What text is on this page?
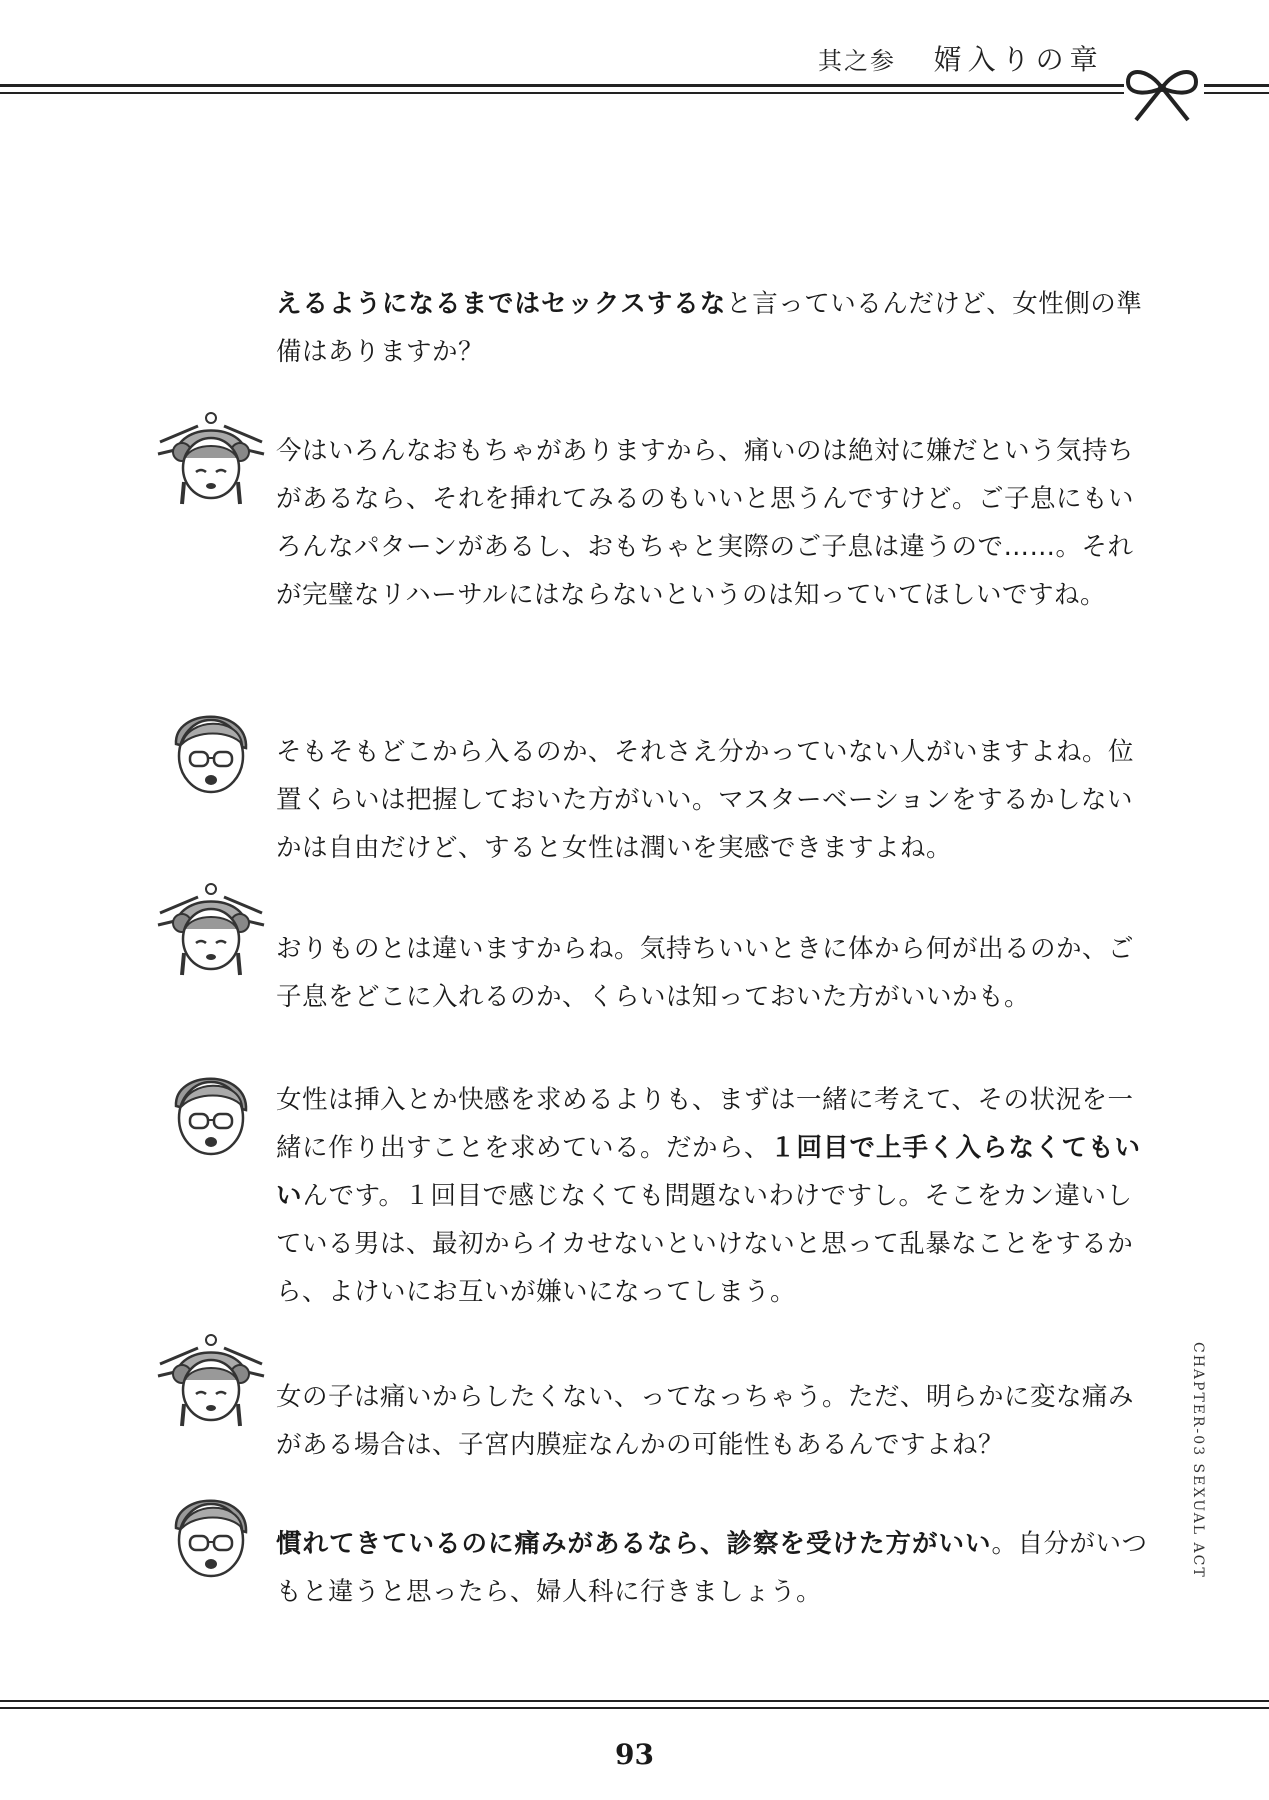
其之参 婿入りの章

えるようになるまではセックスするなと言っているんだけど、女性側の準備はありますか？

今はいろんなおもちゃがありますから、痛いのは絶対に嫌だという気持ちがあるなら、それを挿れてみるのもいいと思うんですけど。ご子息にもいろんなパターンがあるし、おもちゃと実際のご子息は違うので……。それが完璧なリハーサルにはならないというのは知っていてほしいですね。

そもそもどこから入るのか、それさえ分かっていない人がいますよね。位置くらいは把握しておいた方がいい。マスターベーションをするかしないかは自由だけど、すると女性は潤いを実感できますよね。

おりものとは違いますからね。気持ちいいときに体から何が出るのか、ご子息をどこに入れるのか、くらいは知っておいた方がいいかも。

女性は挿入とか快感を求めるよりも、まずは一緒に考えて、その状況を一緒に作り出すことを求めている。だから、１回目で上手く入らなくてもいいんです。１回目で感じなくても問題ないわけですし。そこをカン違いしている男は、最初からイカせないといけないと思って乱暴なことをするから、よけいにお互いが嫌いになってしまう。

女の子は痛いからしたくない、ってなっちゃう。ただ、明らかに変な痛みがある場合は、子宮内膜症なんかの可能性もあるんですよね？

慣れてきているのに痛みがあるなら、診察を受けた方がいい。自分がいつもと違うと思ったら、婦人科に行きましょう。

CHAPTER-03 SEXUAL ACT
93
